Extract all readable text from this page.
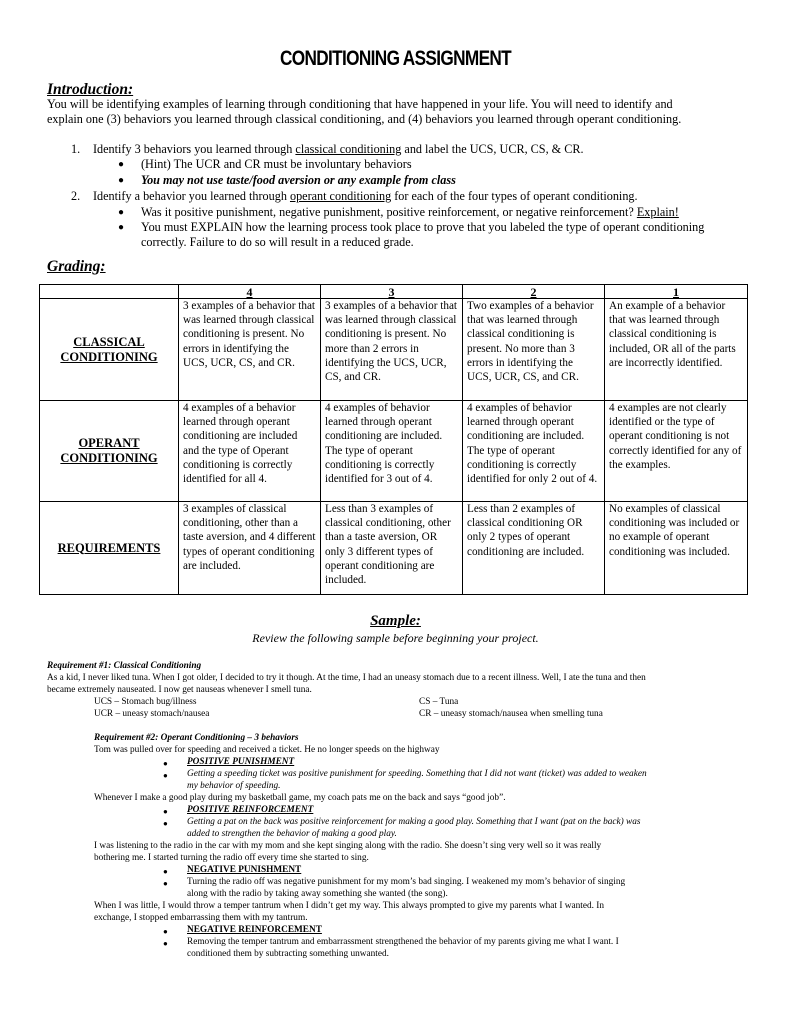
CONDITIONING ASSIGNMENT
Introduction:
You will be identifying examples of learning through conditioning that have happened in your life. You will need to identify and
explain one (3) behaviors you learned through classical conditioning, and (4) behaviors you learned through operant conditioning.
1. Identify 3 behaviors you learned through classical conditioning and label the UCS, UCR, CS, & CR.
● (Hint) The UCR and CR must be involuntary behaviors
● You may not use taste/food aversion or any example from class
2. Identify a behavior you learned through operant conditioning for each of the four types of operant conditioning.
● Was it positive punishment, negative punishment, positive reinforcement, or negative reinforcement? Explain!
● You must EXPLAIN how the learning process took place to prove that you labeled the type of operant conditioning
correctly. Failure to do so will result in a reduced grade.
Grading:
	4	3	2	1
CLASSICAL CONDITIONING	3 examples of a behavior that was learned through classical conditioning is present. No errors in identifying the UCS, UCR, CS, and CR.	3 examples of a behavior that was learned through classical conditioning is present. No more than 2 errors in identifying the UCS, UCR, CS, and CR.	Two examples of a behavior that was learned through classical conditioning is present. No more than 3 errors in identifying the UCS, UCR, CS, and CR.	An example of a behavior that was learned through classical conditioning is included, OR all of the parts are incorrectly identified.
OPERANT CONDITIONING	4 examples of a behavior learned through operant conditioning are included and the type of Operant conditioning is correctly identified for all 4.	4 examples of behavior learned through operant conditioning are included. The type of operant conditioning is correctly identified for 3 out of 4.	4 examples of behavior learned through operant conditioning are included. The type of operant conditioning is correctly identified for only 2 out of 4.	4 examples are not clearly identified or the type of operant conditioning is not correctly identified for any of the examples.
REQUIREMENTS	3 examples of classical conditioning, other than a taste aversion, and 4 different types of operant conditioning are included.	Less than 3 examples of classical conditioning, other than a taste aversion, OR only 3 different types of operant conditioning are included.	Less than 2 examples of classical conditioning OR only 2 types of operant conditioning are included.	No examples of classical conditioning was included or no example of operant conditioning was included.
Sample:
Review the following sample before beginning your project.
Requirement #1: Classical Conditioning
As a kid, I never liked tuna. When I got older, I decided to try it though. At the time, I had an uneasy stomach due to a recent illness. Well, I ate the tuna and then
became extremely nauseated. I now get nauseas whenever I smell tuna.
UCS – Stomach bug/illness	CS – Tuna
UCR – uneasy stomach/nausea	CR – uneasy stomach/nausea when smelling tuna
Requirement #2: Operant Conditioning – 3 behaviors
Tom was pulled over for speeding and received a ticket. He no longer speeds on the highway
● POSITIVE PUNISHMENT
● Getting a speeding ticket was positive punishment for speeding. Something that I did not want (ticket) was added to weaken
my behavior of speeding.
Whenever I make a good play during my basketball game, my coach pats me on the back and says “good job”.
● POSITIVE REINFORCEMENT
● Getting a pat on the back was positive reinforcement for making a good play. Something that I want (pat on the back) was
added to strengthen the behavior of making a good play.
I was listening to the radio in the car with my mom and she kept singing along with the radio. She doesn’t sing very well so it was really
bothering me. I started turning the radio off every time she started to sing.
● NEGATIVE PUNISHMENT
● Turning the radio off was negative punishment for my mom’s bad singing. I weakened my mom’s behavior of singing
along with the radio by taking away something she wanted (the song).
When I was little, I would throw a temper tantrum when I didn’t get my way. This always prompted to give my parents what I wanted. In
exchange, I stopped embarrassing them with my tantrum.
● NEGATIVE REINFORCEMENT
● Removing the temper tantrum and embarrassment strengthened the behavior of my parents giving me what I want. I
conditioned them by subtracting something unwanted.
